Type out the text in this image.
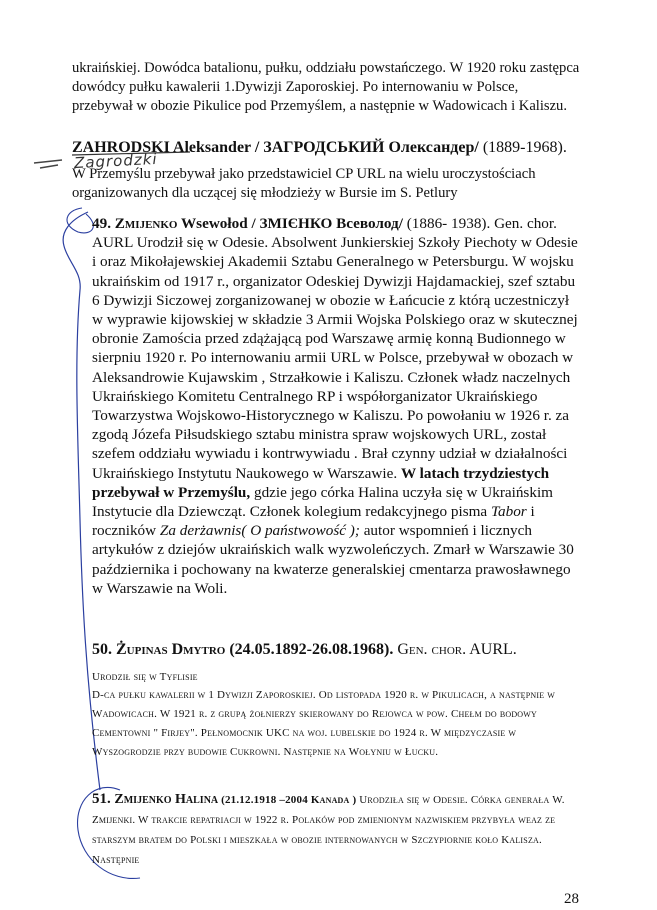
Zagrodzki

ukraińskiej. Dowódca batalionu, pułku, oddziału powstańczego. W 1920 roku zastępca dowódcy pułku kawalerii 1.Dywizji Zaporoskiej. Po internowaniu w Polsce, przebywał w obozie Pikulice pod Przemyślem, a następnie w Wadowicach i Kaliszu.

ZAHRODSKI Aleksander / ЗАГРОДСЬКИЙ Олександер/ (1889-1968).

W Przemyślu przebywał jako przedstawiciel CP URL na wielu uroczystościach organizowanych dla uczącej się młodzieży w Bursie im S. Petlury

49. Zmijenko Wsewołod / ЗМІЄНКО Всеволод/ (1886- 1938). Gen. chor. AURL Urodził się w Odesie. Absolwent Junkierskiej Szkoły Piechoty w Odesie i oraz Mikołajewskiej Akademii Sztabu Generalnego w Petersburgu. W wojsku ukraińskim od 1917 r., organizator Odeskiej Dywizji Hajdamackiej, szef sztabu 6 Dywizji Siczowej zorganizowanej w obozie w Łańcucie z którą uczestniczył w wyprawie kijowskiej w składzie 3 Armii Wojska Polskiego oraz w skutecznej obronie Zamościa przed zdążającą pod Warszawę armię konną Budionnego w sierpniu 1920 r. Po internowaniu armii URL w Polsce, przebywał w obozach w Aleksandrowie Kujawskim , Strzałkowie i Kaliszu. Członek władz naczelnych Ukraińskiego Komitetu Centralnego RP i współorganizator Ukraińskiego Towarzystwa Wojskowo-Historycznego w Kaliszu. Po powołaniu w 1926 r. za zgodą Józefa Piłsudskiego sztabu ministra spraw wojskowych URL, został szefem oddziału wywiadu i kontrwywiadu . Brał czynny udział w działalności Ukraińskiego Instytutu Naukowego w Warszawie. W latach trzydziestych przebywał w Przemyślu, gdzie jego córka Halina uczyła się w Ukraińskim Instytucie dla Dziewcząt. Członek kolegium redakcyjnego pisma Tabor i roczników Za derżawnis( O państwowość ); autor wspomnień i licznych artykułów z dziejów ukraińskich walk wyzwoleńczych. Zmarł w Warszawie 30 października i pochowany na kwaterze generalskiej cmentarza prawosławnego w Warszawie na Woli.
50. Żupinas Dmytro (24.05.1892-26.08.1968). Gen. chor. AURL.
Urodził się w Tyflisie
D-ca pułku kawalerii w 1 Dywizji Zaporoskiej. Od listopada 1920 r. w Pikulicach, a następnie w Wadowicach. W 1921 r. z grupą żołnierzy skierowany do Rejowca w pow. Chełm do bodowy Cementowni " Firjey". Pełnomocnik UKC na woj. lubelskie do 1924 r. W międzyczasie w Wyszogrodzie przy budowie Cukrowni. Następnie na Wołyniu w Łucku.
51. Zmijenko Halina (21.12.1918 –2004 Kanada ) Urodziła się w Odesie. Córka generała W. Zmijenki. W trakcie repatriacji w 1922 r. Polaków pod zmienionym nazwiskiem przybyła weaz ze starszym bratem do Polski i mieszkała w obozie internowanych w Szczypiornie koło Kalisza. Następnie
28
